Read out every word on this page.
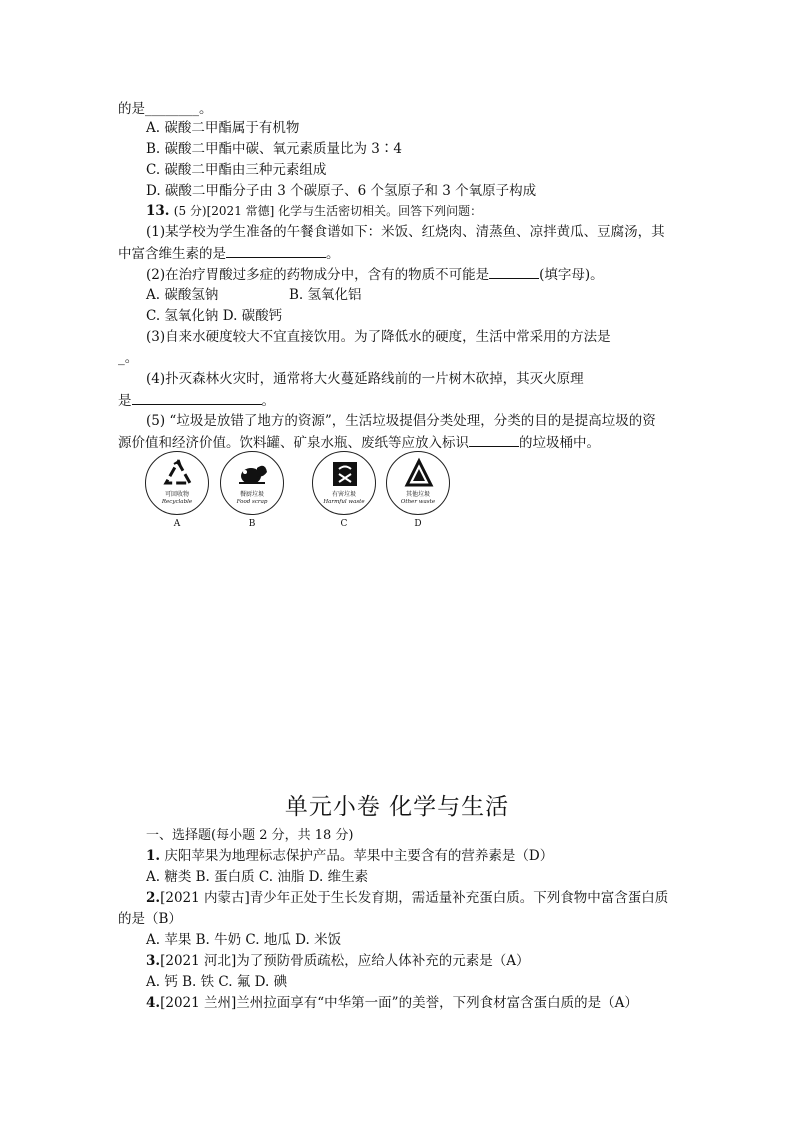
的是________。
A. 碳酸二甲酯属于有机物
B. 碳酸二甲酯中碳、氧元素质量比为 3∶4
C. 碳酸二甲酯由三种元素组成
D. 碳酸二甲酯分子由 3 个碳原子、6 个氢原子和 3 个氧原子构成
13. (5 分)[2021 常德] 化学与生活密切相关。回答下列问题：
(1)某学校为学生准备的午餐食谱如下：米饭、红烧肉、清蒸鱼、凉拌黄瓜、豆腐汤，其
中富含维生素的是	。
(2)在治疗胃酸过多症的药物成分中，含有的物质不可能是	(填字母)。
A. 碳酸氢钠	B. 氢氧化铝
C. 氢氧化钠 D. 碳酸钙
(3)自来水硬度较大不宜直接饮用。为了降低水的硬度，生活中常采用的方法是
_。
(4)扑灭森林火灾时，通常将大火蔓延路线前的一片树木砍掉，其灭火原理
是	。
(5) “垃圾是放错了地方的资源”，生活垃圾提倡分类处理，分类的目的是提高垃圾的资
源价值和经济价值。饮料罐、矿泉水瓶、废纸等应放入标识	的垃圾桶中。
可回收物
Recyclable
A
餐厨垃圾
Food scrap
B
有害垃圾
Harmful waste
C
其他垃圾
Other waste
D
单元小卷 化学与生活
一、选择题(每小题 2 分，共 18 分)
1. 庆阳苹果为地理标志保护产品。苹果中主要含有的营养素是（D）
A. 糖类 B. 蛋白质 C. 油脂 D. 维生素
2.[2021 内蒙古]青少年正处于生长发育期，需适量补充蛋白质。下列食物中富含蛋白质
的是（B）
A. 苹果 B. 牛奶 C. 地瓜 D. 米饭
3.[2021 河北]为了预防骨质疏松，应给人体补充的元素是（A）
A. 钙 B. 铁 C. 氟 D. 碘
4.[2021 兰州]兰州拉面享有“中华第一面”的美誉，下列食材富含蛋白质的是（A）
